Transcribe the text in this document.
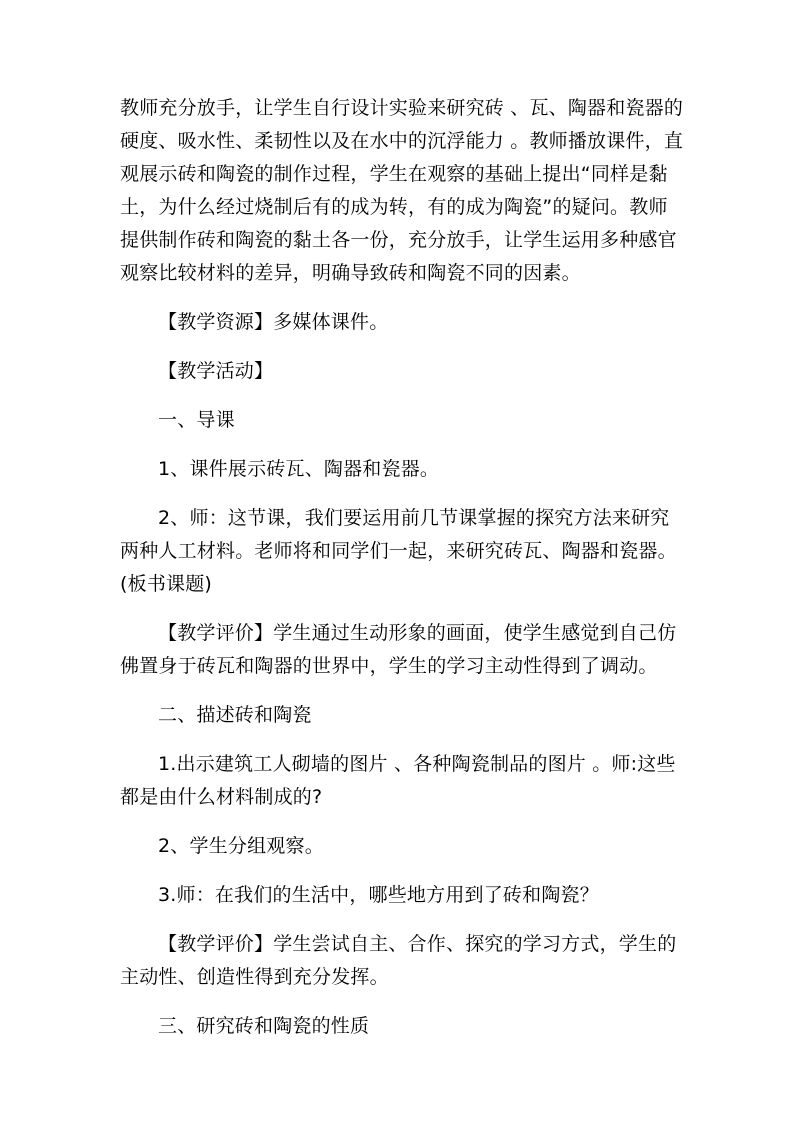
教师充分放手，让学生自行设计实验来研究砖 、瓦、陶器和瓷器的硬度、吸水性、柔韧性以及在水中的沉浮能力 。教师播放课件，直观展示砖和陶瓷的制作过程，学生在观察的基础上提出“同样是黏土，为什么经过烧制后有的成为转，有的成为陶瓷”的疑问。教师提供制作砖和陶瓷的黏土各一份，充分放手，让学生运用多种感官观察比较材料的差异，明确导致砖和陶瓷不同的因素。

【教学资源】多媒体课件。

【教学活动】

一、导课

1、课件展示砖瓦、陶器和瓷器。

2、师：这节课，我们要运用前几节课掌握的探究方法来研究两种人工材料。老师将和同学们一起，来研究砖瓦、陶器和瓷器。(板书课题)

【教学评价】学生通过生动形象的画面，使学生感觉到自己仿佛置身于砖瓦和陶器的世界中，学生的学习主动性得到了调动。

二、描述砖和陶瓷

1.出示建筑工人砌墙的图片 、各种陶瓷制品的图片 。师:这些都是由什么材料制成的?

2、学生分组观察。

3.师：在我们的生活中，哪些地方用到了砖和陶瓷？

【教学评价】学生尝试自主、合作、探究的学习方式，学生的主动性、创造性得到充分发挥。

三、研究砖和陶瓷的性质
